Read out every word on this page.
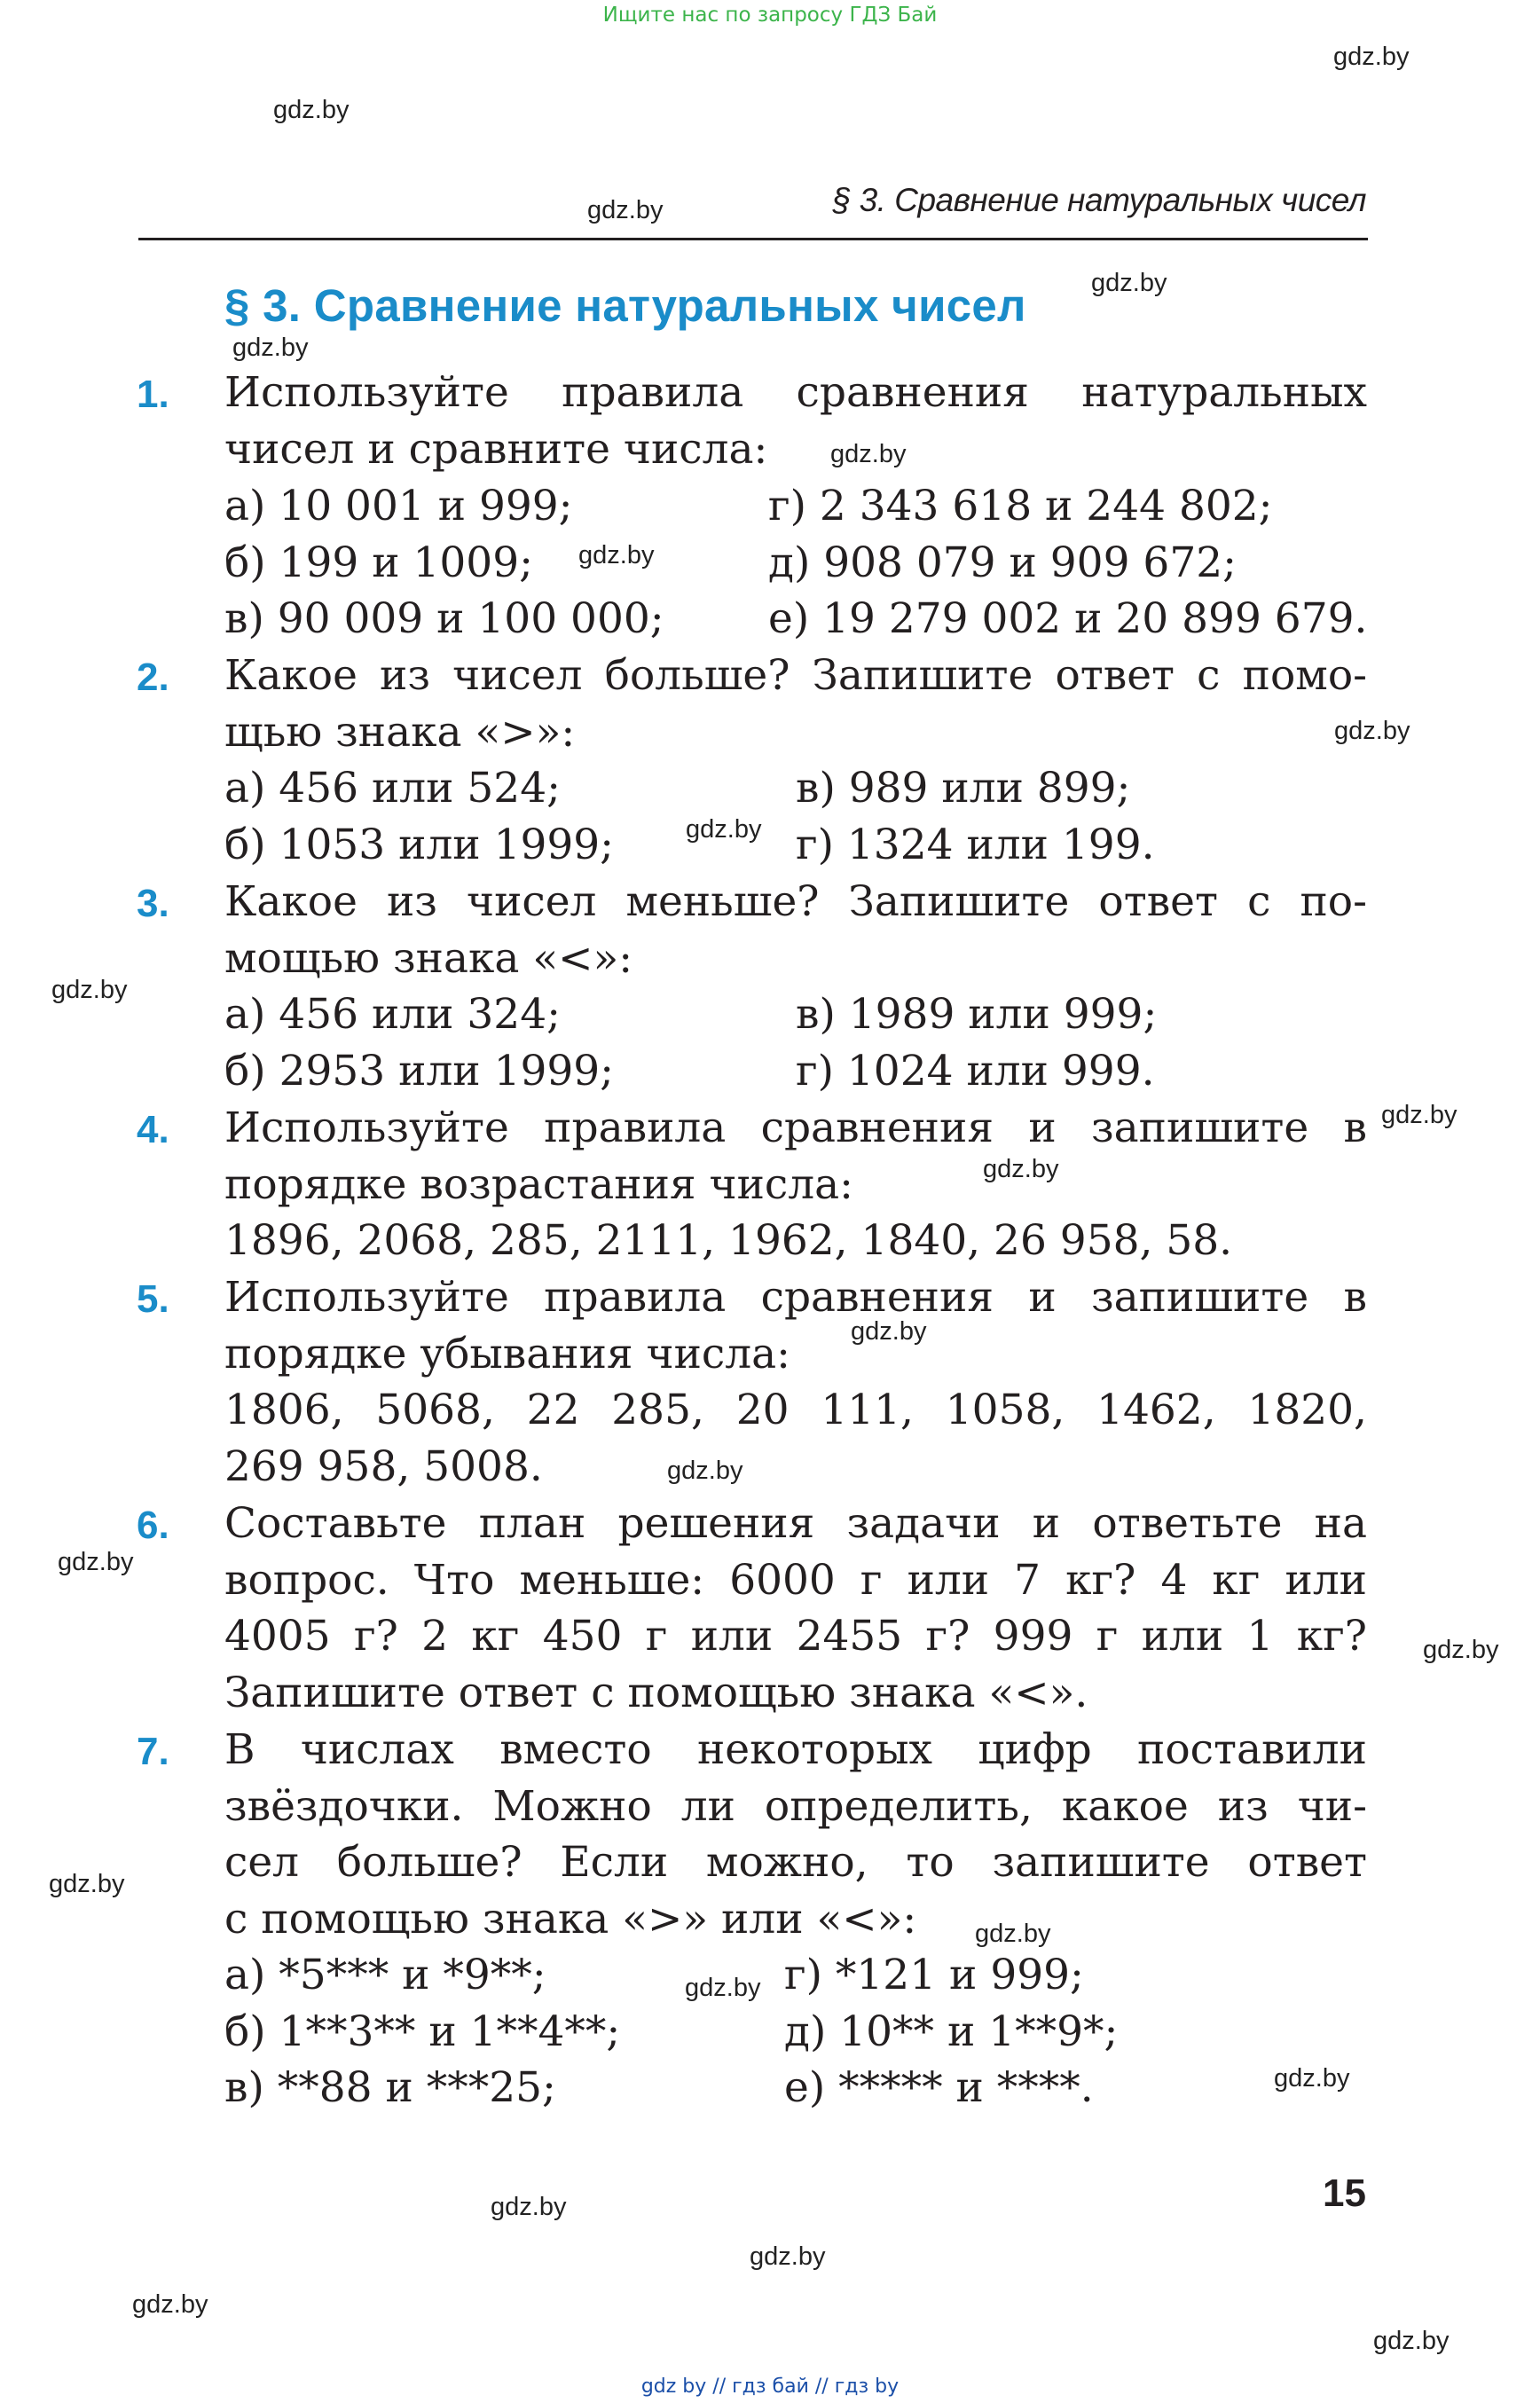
Ищите нас по запросу ГДЗ Бай
gdz.by
gdz.by
gdz.by
gdz.by
gdz.by
gdz.by
gdz.by
gdz.by
gdz.by
gdz.by
gdz.by
gdz.by
gdz.by
gdz.by
gdz.by
gdz.by
gdz.by
gdz.by
gdz.by
gdz.by
gdz.by
gdz.by
gdz.by
gdz.by
§ 3. Сравнение натуральных чисел
§ 3. Сравнение натуральных чисел
1. Используйте правила сравнения натуральных
чисел и сравните числа:
а) 10 001 и 999;	г) 2 343 618 и 244 802;
б) 199 и 1009;	д) 908 079 и 909 672;
в) 90 009 и 100 000; е) 19 279 002 и 20 899 679.
2. Какое из чисел больше? Запишите ответ с помо-
щью знака «>»:
а) 456 или 524;	в) 989 или 899;
б) 1053 или 1999;	г) 1324 или 199.
3. Какое из чисел меньше? Запишите ответ с по-
мощью знака «<»:
а) 456 или 324;	в) 1989 или 999;
б) 2953 или 1999;	г) 1024 или 999.
4. Используйте правила сравнения и запишите в
порядке возрастания числа:
1896, 2068, 285, 2111, 1962, 1840, 26 958, 58.
5. Используйте правила сравнения и запишите в
порядке убывания числа:
1806, 5068, 22 285, 20 111, 1058, 1462, 1820,
269 958, 5008.
6. Составьте план решения задачи и ответьте на
вопрос. Что меньше: 6000 г или 7 кг? 4 кг или
4005 г? 2 кг 450 г или 2455 г? 999 г или 1 кг?
Запишите ответ с помощью знака «<».
7. В числах вместо некоторых цифр поставили
звёздочки. Можно ли определить, какое из чи-
сел больше? Если можно, то запишите ответ
с помощью знака «>» или «<»:
а) *5*** и *9**;	г) *121 и 999;
б) 1**3** и 1**4**;	д) 10** и 1**9*;
в) **88 и ***25;	е) ***** и ****.
15
gdz by // гдз бай // гдз by
